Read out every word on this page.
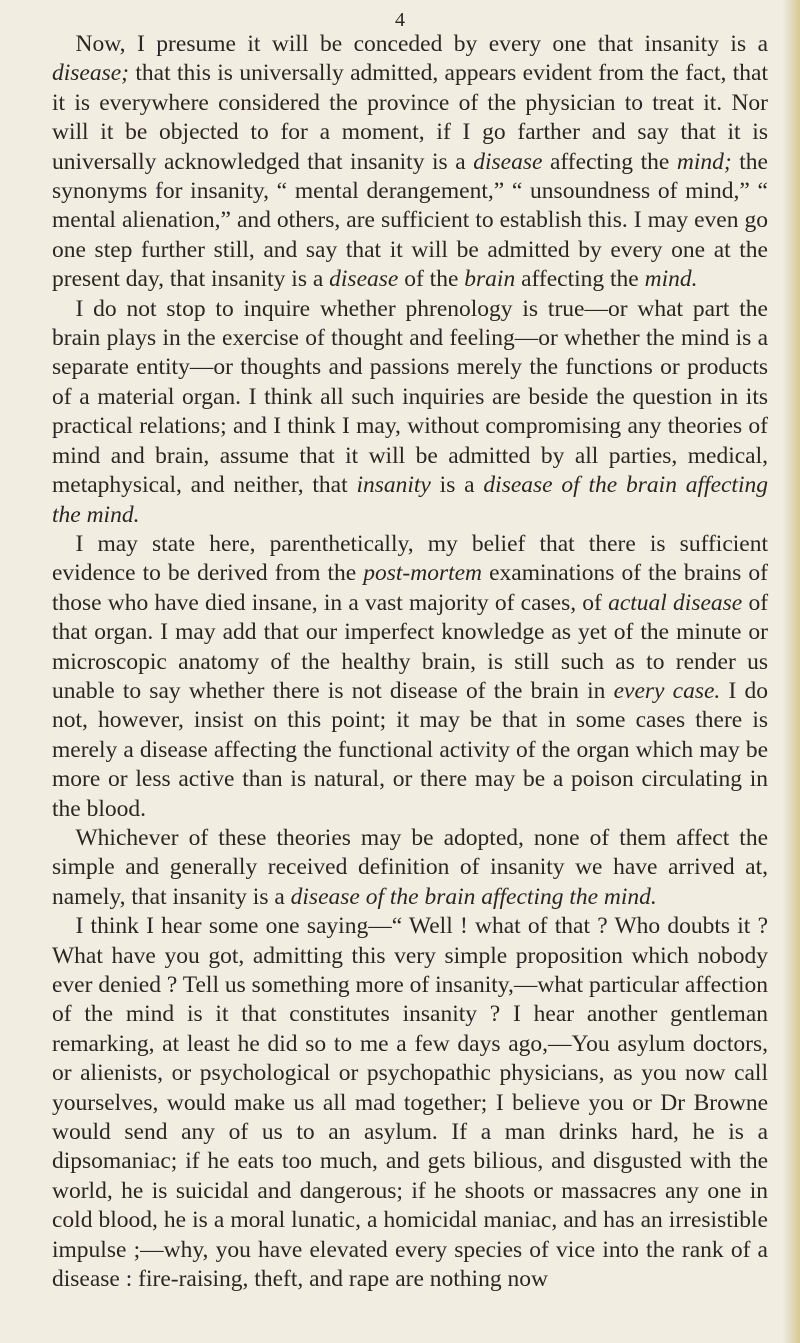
4

Now, I presume it will be conceded by every one that insanity is a disease; that this is universally admitted, appears evident from the fact, that it is everywhere considered the province of the physician to treat it. Nor will it be objected to for a moment, if I go farther and say that it is universally acknowledged that insanity is a disease affecting the mind; the synonyms for insanity, “ mental derangement,” “ unsoundness of mind,” “ mental alienation,” and others, are sufficient to establish this. I may even go one step further still, and say that it will be admitted by every one at the present day, that insanity is a disease of the brain affecting the mind.

I do not stop to inquire whether phrenology is true—or what part the brain plays in the exercise of thought and feeling—or whether the mind is a separate entity—or thoughts and passions merely the functions or products of a material organ. I think all such inquiries are beside the question in its practical relations; and I think I may, without compromising any theories of mind and brain, assume that it will be admitted by all parties, medical, metaphysical, and neither, that insanity is a disease of the brain affecting the mind.

I may state here, parenthetically, my belief that there is sufficient evidence to be derived from the post-mortem examinations of the brains of those who have died insane, in a vast majority of cases, of actual disease of that organ. I may add that our imperfect knowledge as yet of the minute or microscopic anatomy of the healthy brain, is still such as to render us unable to say whether there is not disease of the brain in every case. I do not, however, insist on this point; it may be that in some cases there is merely a disease affecting the functional activity of the organ which may be more or less active than is natural, or there may be a poison circulating in the blood.

Whichever of these theories may be adopted, none of them affect the simple and generally received definition of insanity we have arrived at, namely, that insanity is a disease of the brain affecting the mind.

I think I hear some one saying—“ Well ! what of that ? Who doubts it ? What have you got, admitting this very simple proposition which nobody ever denied ? Tell us something more of insanity,—what particular affection of the mind is it that constitutes insanity ? I hear another gentleman remarking, at least he did so to me a few days ago,—You asylum doctors, or alienists, or psychological or psychopathic physicians, as you now call yourselves, would make us all mad together; I believe you or Dr Browne would send any of us to an asylum. If a man drinks hard, he is a dipsomaniac; if he eats too much, and gets bilious, and disgusted with the world, he is suicidal and dangerous; if he shoots or massacres any one in cold blood, he is a moral lunatic, a homicidal maniac, and has an irresistible impulse ;—why, you have elevated every species of vice into the rank of a disease : fire-raising, theft, and rape are nothing now
